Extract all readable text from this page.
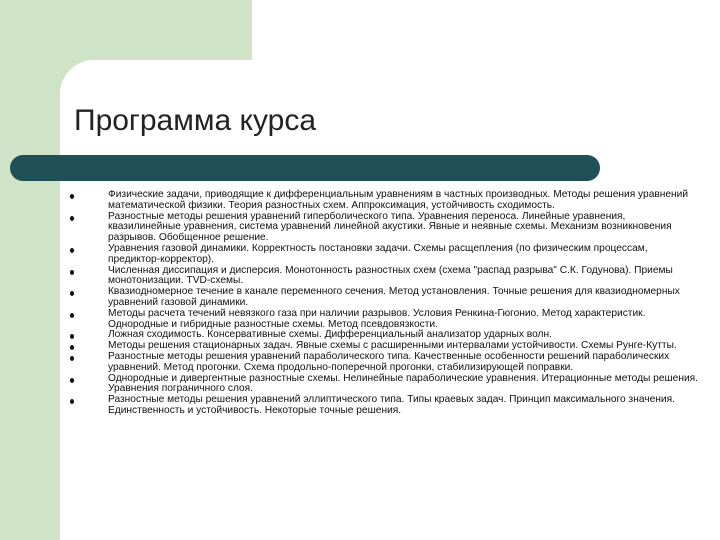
Программа курса
Физические задачи, приводящие к дифференциальным уравнениям в частных производных. Методы решения уравнений математической физики. Теория разностных схем. Аппроксимация, устойчивость сходимость.
Разностные методы решения уравнений гиперболического типа. Уравнения переноса. Линейные уравнения, квазилинейные уравнения, система уравнений линейной акустики. Явные и неявные схемы. Механизм возникновения разрывов. Обобщенное решение.
Уравнения газовой динамики. Корректность постановки задачи. Схемы расщепления (по физическим процессам, предиктор-корректор).
Численная диссипация и дисперсия. Монотонность разностных схем (схема "распад разрыва" С.К. Годунова). Приемы монотонизации. TVD-схемы.
Квазиодномерное течение в канале переменного сечения. Метод установления. Точные решения для квазиодномерных уравнений газовой динамики.
Методы расчета течений невязкого газа при наличии разрывов. Условия Ренкина-Гюгонио. Метод характеристик. Однородные и гибридные разностные схемы. Метод псевдовязкости.
Ложная сходимость. Консервативные схемы. Дифференциальный анализатор ударных волн.
Методы решения стационарных задач. Явные схемы с расширенными интервалами устойчивости. Схемы Рунге-Кутты.
Разностные методы решения уравнений параболического типа. Качественные особенности решений параболических уравнений. Метод прогонки. Схема продольно-поперечной прогонки, стабилизирующей поправки.
Однородные и дивергентные разностные схемы. Нелинейные параболические уравнения. Итерационные методы решения. Уравнения пограничного слоя.
Разностные методы решения уравнений эллиптического типа. Типы краевых задач. Принцип максимального значения. Единственность и устойчивость. Некоторые точные решения.
